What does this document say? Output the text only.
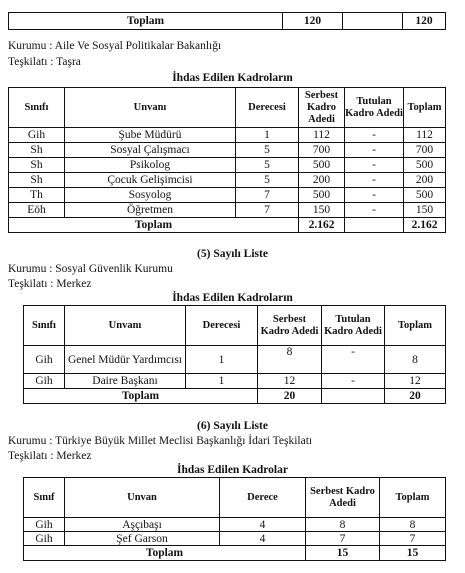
Toplam	120		120
Kurumu : Aile Ve Sosyal Politikalar Bakanlığı
Teşkilatı : Taşra
İhdas Edilen Kadroların
Sınıfı	Unvanı	Derecesi	Serbest Kadro Adedi	Tutulan Kadro Adedi	Toplam
Gih	Şube Müdürü	1	112	-	112
Sh	Sosyal Çalışmacı	5	700	-	700
Sh	Psikolog	5	500	-	500
Sh	Çocuk Gelişimcisi	5	200	-	200
Th	Sosyolog	7	500	-	500
Eöh	Öğretmen	7	150	-	150
Toplam			2.162		2.162
(5) Sayılı Liste
Kurumu : Sosyal Güvenlik Kurumu
Teşkilatı : Merkez
İhdas Edilen Kadroların
Sınıfı	Unvanı	Derecesi	Serbest Kadro Adedi	Tutulan Kadro Adedi	Toplam
Gih	Genel Müdür Yardımcısı	1	8	-	8
Gih	Daire Başkanı	1	12	-	12
Toplam			20		20
(6) Sayılı Liste
Kurumu : Türkiye Büyük Millet Meclisi Başkanlığı İdari Teşkilatı
Teşkilatı : Merkez
İhdas Edilen Kadrolar
Sınıf	Unvan	Derece	Serbest Kadro Adedi	Toplam
Gih	Aşçıbaşı	4	8	8
Gih	Şef Garson	4	7	7
Toplam			15	15
